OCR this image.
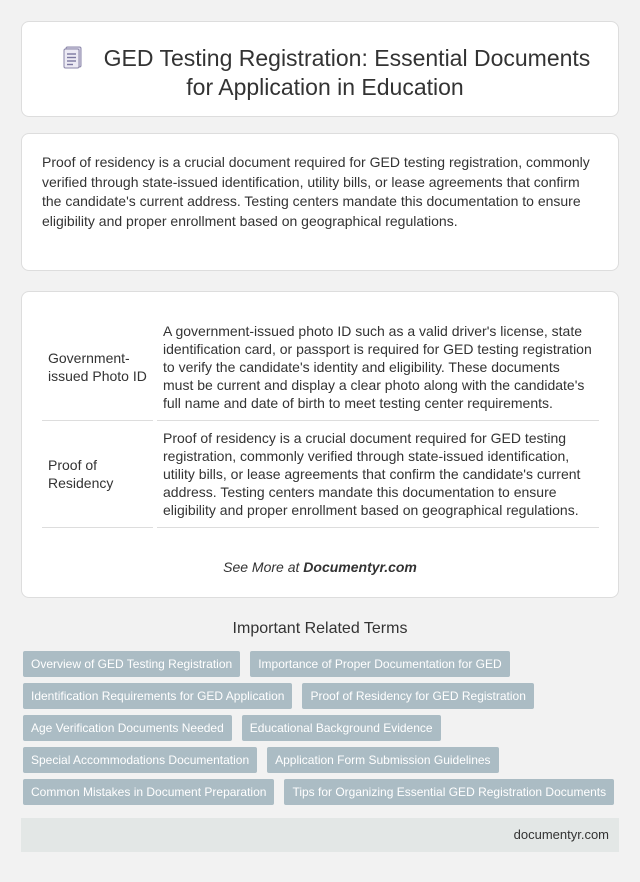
GED Testing Registration: Essential Documents for Application in Education
Proof of residency is a crucial document required for GED testing registration, commonly verified through state-issued identification, utility bills, or lease agreements that confirm the candidate's current address. Testing centers mandate this documentation to ensure eligibility and proper enrollment based on geographical regulations.
Government-issued Photo ID		A government-issued photo ID such as a valid driver's license, state identification card, or passport is required for GED testing registration to verify the candidate's identity and eligibility. These documents must be current and display a clear photo along with the candidate's full name and date of birth to meet testing center requirements.
Proof of Residency		Proof of residency is a crucial document required for GED testing registration, commonly verified through state-issued identification, utility bills, or lease agreements that confirm the candidate's current address. Testing centers mandate this documentation to ensure eligibility and proper enrollment based on geographical regulations.
See More at Documentyr.com
Important Related Terms
Overview of GED Testing Registration Importance of Proper Documentation for GED
Identification Requirements for GED Application Proof of Residency for GED Registration
Age Verification Documents Needed Educational Background Evidence
Special Accommodations Documentation Application Form Submission Guidelines
Common Mistakes in Document Preparation Tips for Organizing Essential GED Registration Documents
documentyr.com
